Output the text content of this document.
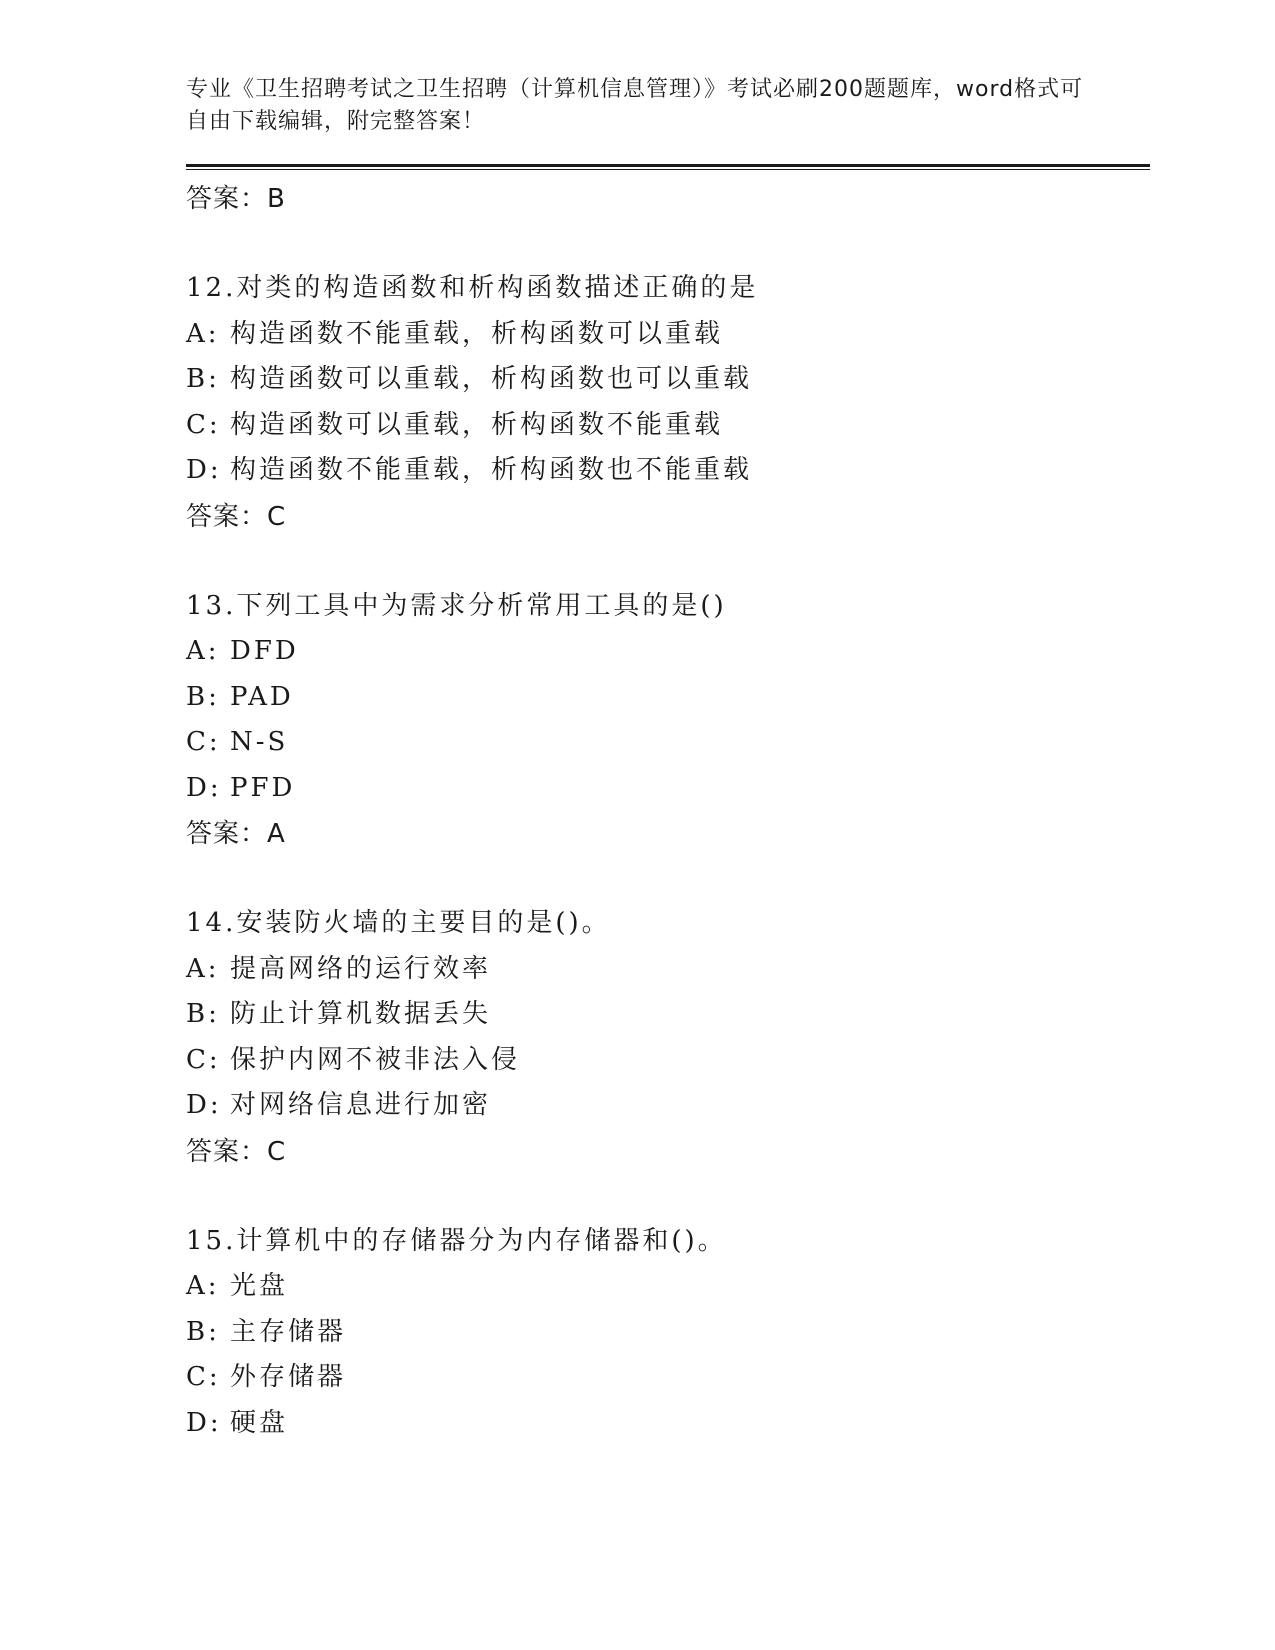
专业《卫生招聘考试之卫生招聘（计算机信息管理）》考试必刷200题题库，word格式可自由下载编辑，附完整答案！

答案：B

12.对类的构造函数和析构函数描述正确的是

A: 构造函数不能重载，析构函数可以重载

B: 构造函数可以重载，析构函数也可以重载

C: 构造函数可以重载，析构函数不能重载

D: 构造函数不能重载，析构函数也不能重载

答案：C

13.下列工具中为需求分析常用工具的是()

A: DFD

B: PAD

C: N-S

D: PFD

答案：A

14.安装防火墙的主要目的是()。

A: 提高网络的运行效率

B: 防止计算机数据丢失

C: 保护内网不被非法入侵

D: 对网络信息进行加密

答案：C

15.计算机中的存储器分为内存储器和()。

A: 光盘

B: 主存储器

C: 外存储器

D: 硬盘
